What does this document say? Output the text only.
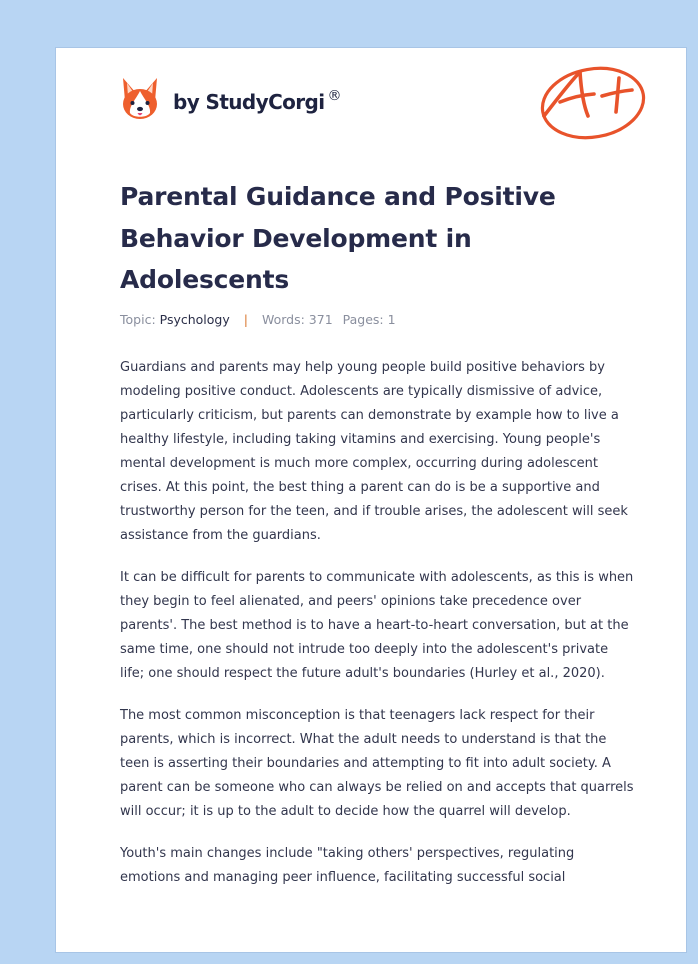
by StudyCorgi ®
A+
Parental Guidance and Positive Behavior Development in Adolescents
Topic: Psychology | Words: 371 Pages: 1

Guardians and parents may help young people build positive behaviors by modeling positive conduct. Adolescents are typically dismissive of advice, particularly criticism, but parents can demonstrate by example how to live a healthy lifestyle, including taking vitamins and exercising. Young people's mental development is much more complex, occurring during adolescent crises. At this point, the best thing a parent can do is be a supportive and trustworthy person for the teen, and if trouble arises, the adolescent will seek assistance from the guardians.

It can be difficult for parents to communicate with adolescents, as this is when they begin to feel alienated, and peers' opinions take precedence over parents'. The best method is to have a heart-to-heart conversation, but at the same time, one should not intrude too deeply into the adolescent's private life; one should respect the future adult's boundaries (Hurley et al., 2020).

The most common misconception is that teenagers lack respect for their parents, which is incorrect. What the adult needs to understand is that the teen is asserting their boundaries and attempting to fit into adult society. A parent can be someone who can always be relied on and accepts that quarrels will occur; it is up to the adult to decide how the quarrel will develop.

Youth's main changes include "taking others' perspectives, regulating emotions and managing peer influence, facilitating successful social
